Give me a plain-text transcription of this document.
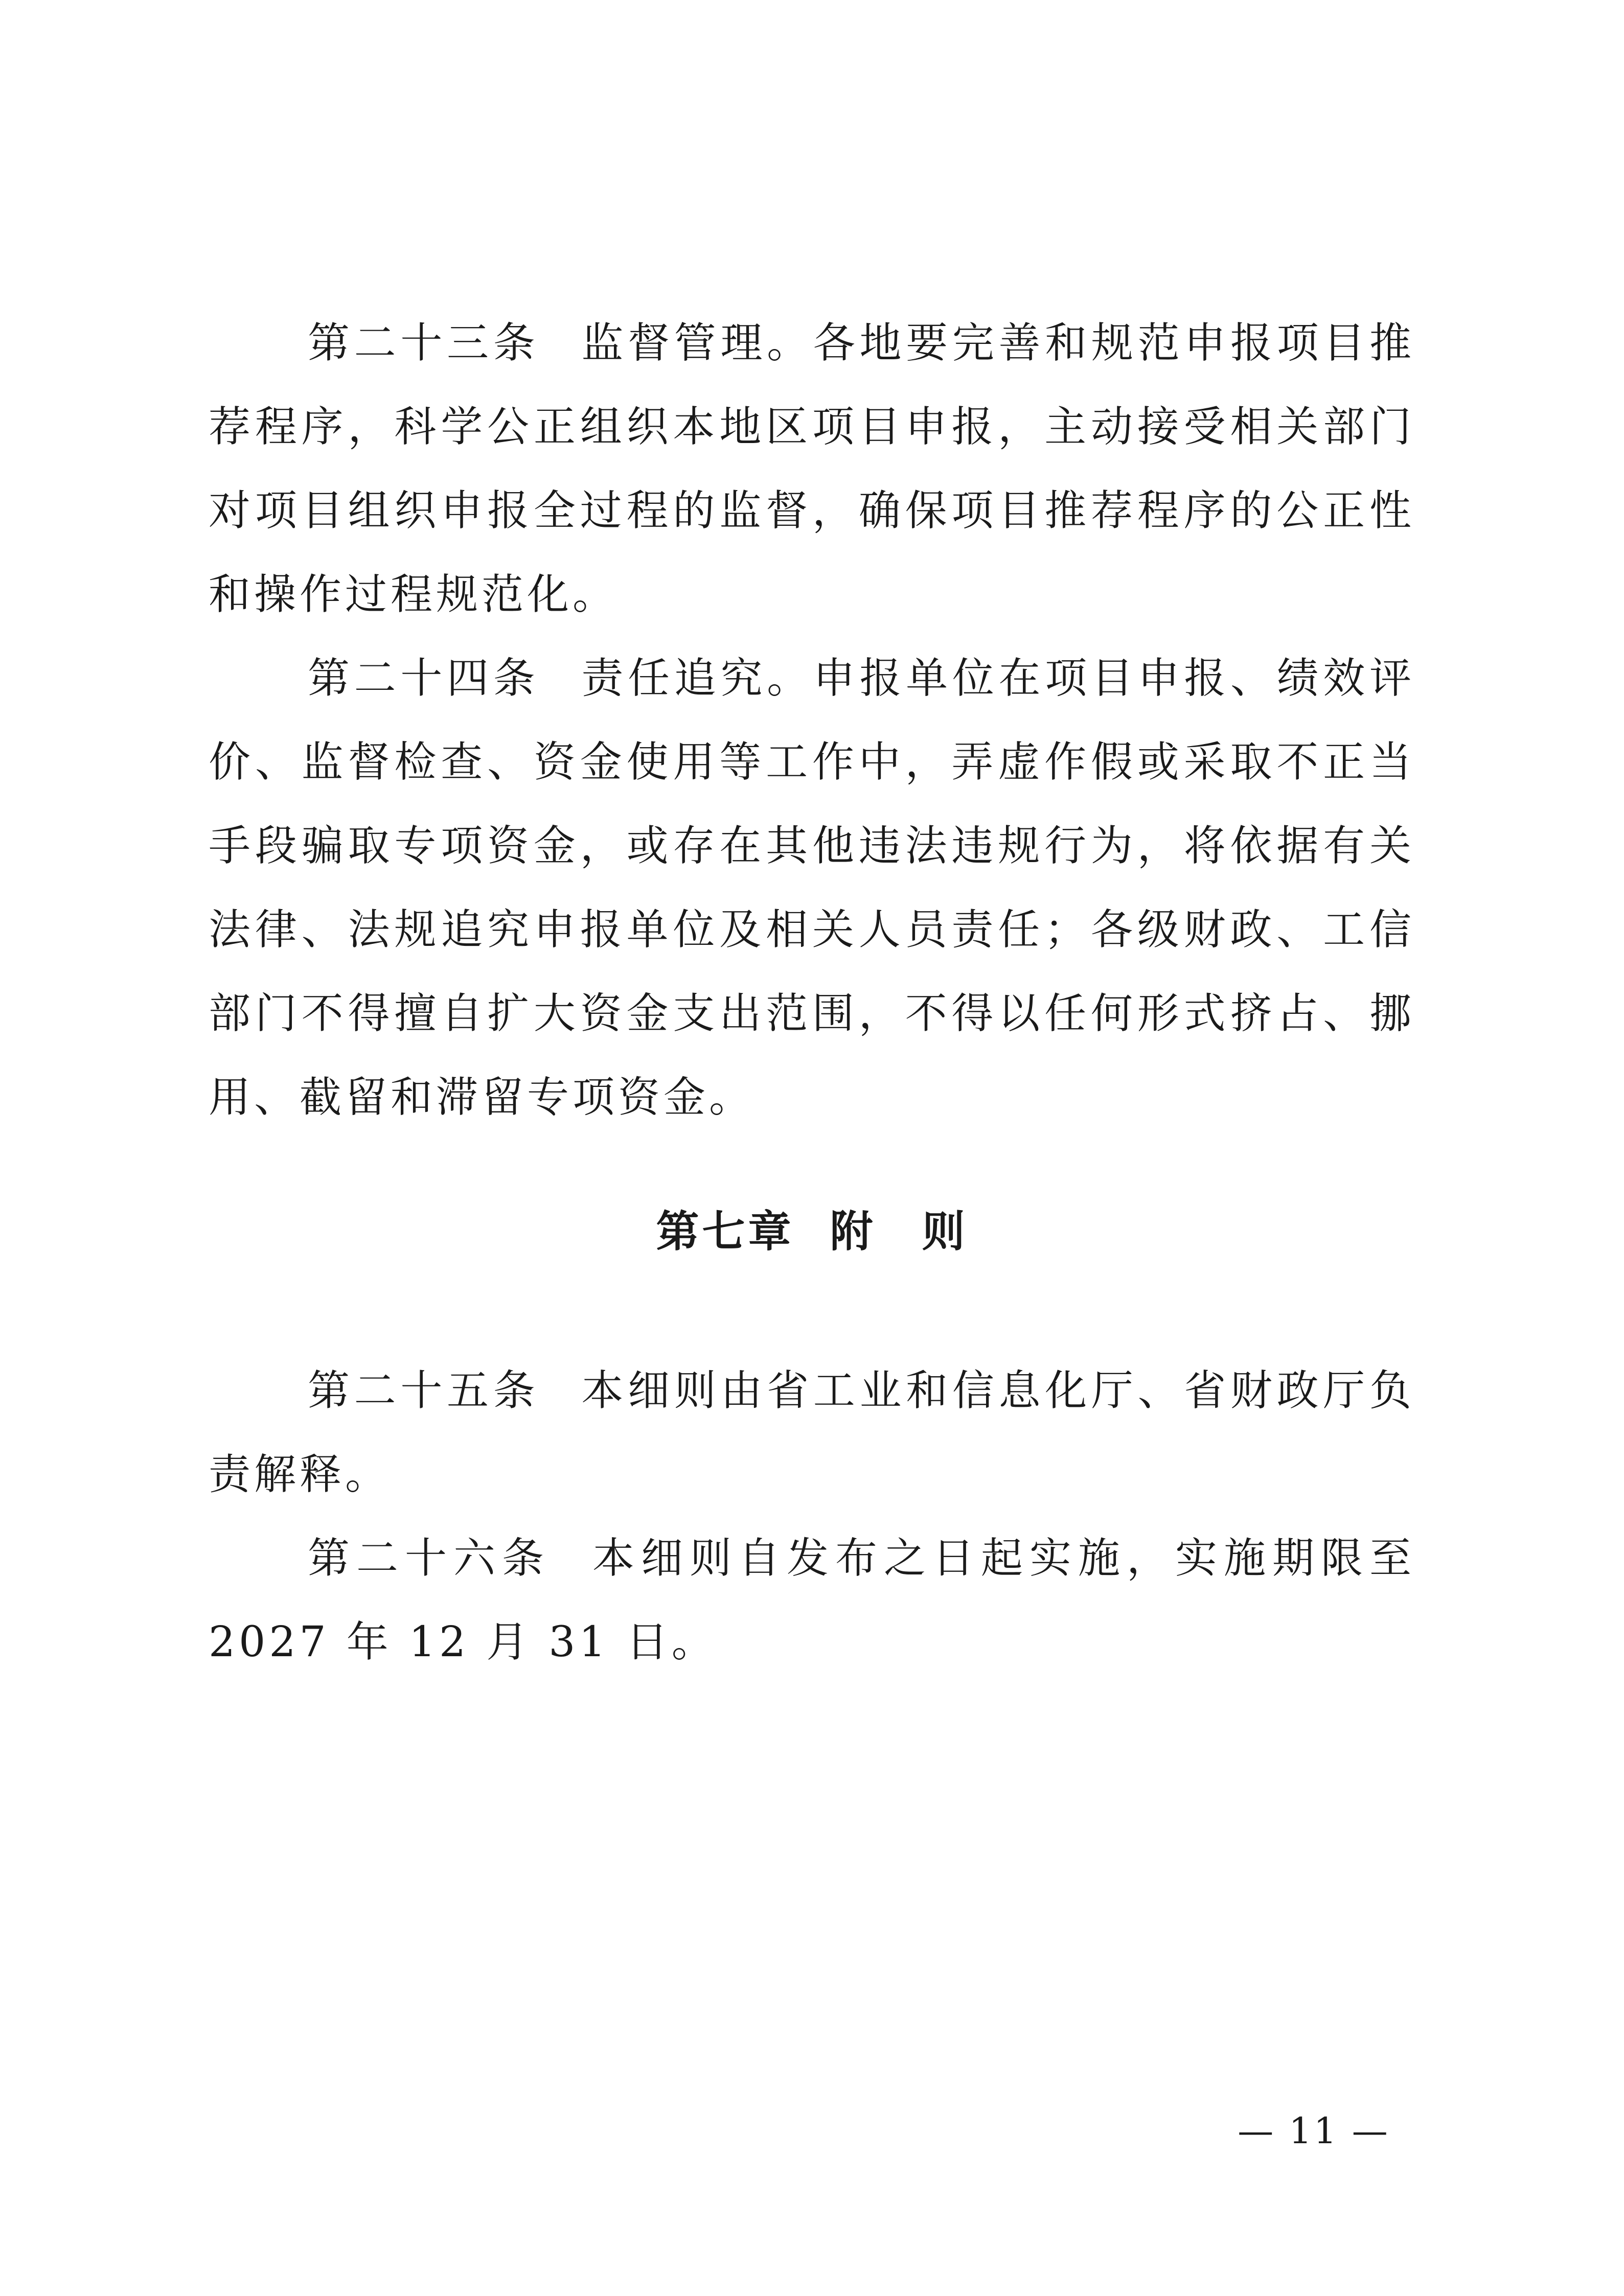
第二十三条 监督管理。各地要完善和规范申报项目推荐程序，科学公正组织本地区项目申报，主动接受相关部门对项目组织申报全过程的监督，确保项目推荐程序的公正性和操作过程规范化。

第二十四条 责任追究。申报单位在项目申报、绩效评价、监督检查、资金使用等工作中，弄虚作假或采取不正当手段骗取专项资金，或存在其他违法违规行为，将依据有关法律、法规追究申报单位及相关人员责任；各级财政、工信部门不得擅自扩大资金支出范围，不得以任何形式挤占、挪用、截留和滞留专项资金。

第七章 附　则

第二十五条 本细则由省工业和信息化厅、省财政厅负责解释。

第二十六条 本细则自发布之日起实施，实施期限至 2027 年 12 月 31 日。

— 11 —
